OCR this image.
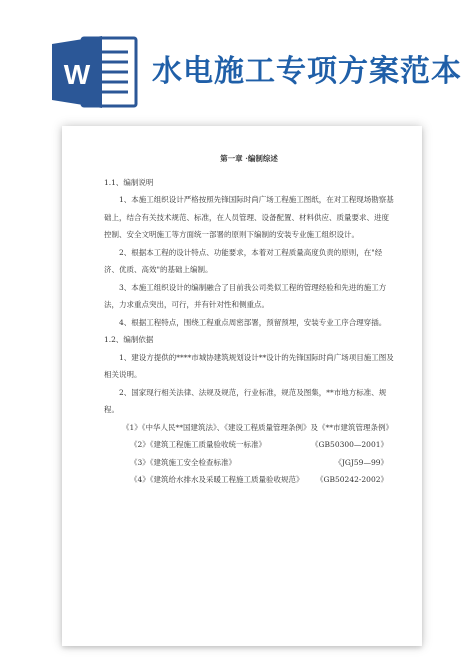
W 水电施工专项方案范本

第一章 ·编制综述

1.1、编制说明

1、本施工组织设计严格按照先锋国际时尚广场工程施工图纸，在对工程现场勘察基础上，结合有关技术规范、标准，在人员管理、设备配置、材料供应、质量要求、进度控制、安全文明施工等方面统一部署的原则下编制的安装专业施工组织设计。

2、根据本工程的设计特点、功能要求，本着对工程质量高度负责的原则，在"经济、优质、高效"的基础上编制。

3、本施工组织设计的编制融合了目前我公司类似工程的管理经验和先进的施工方法，力求重点突出，可行，并有针对性和侧重点。

4、根据工程特点，围绕工程重点周密部署，预留预埋，安装专业工序合理穿插。

1.2、编制依据

1、建设方提供的****市城协建筑规划设计**设计的先锋国际时尚广场项目施工图及相关说明。

2、国家现行相关法律、法规及规范，行业标准，规范及图集，**市地方标准、规程。

《1》《中华人民**国建筑法》、《建设工程质量管理条例》及《**市建筑管理条例》

《2》《建筑工程施工质量验收统一标准》	《GB50300—2001》
《3》《建筑施工安全检查标准》	《JGJ59—99》
《4》《建筑给水排水及采暖工程施工质量验收规范》 《GB50242-2002》
